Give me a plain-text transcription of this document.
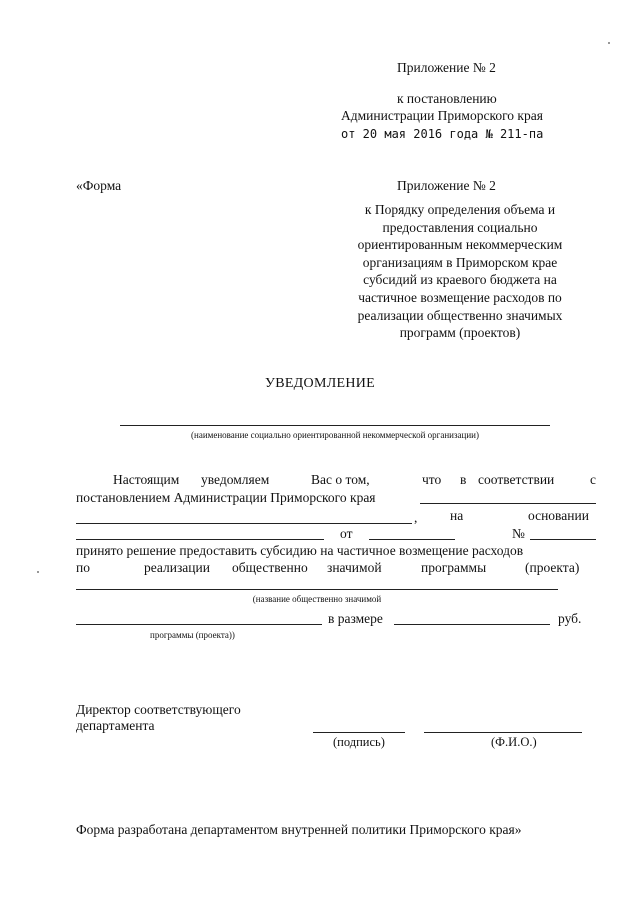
Приложение № 2
к постановлению
Администрации Приморского края
от 20 мая 2016 года № 211-па
«Форма	Приложение № 2
к Порядку определения объема и
предоставления социально
ориентированным некоммерческим
организациям в Приморском крае
субсидий из краевого бюджета на
частичное возмещение расходов по
реализации общественно значимых
программ (проектов)
УВЕДОМЛЕНИЕ
(наименование социально ориентированной некоммерческой организации)
Настоящим уведомляем	Вас о том,	что в соответствии	с
постановлением Администрации Приморского края
, на	основании
от	№
принято решение предоставить субсидию на частичное возмещение расходов
по	реализации общественно значимой	программы	(проекта)
(название общественно значимой
в размере	руб.
программы (проекта))
Директор соответствующего
департамента
(подпись)	(Ф.И.О.)
Форма разработана департаментом внутренней политики Приморского края»
